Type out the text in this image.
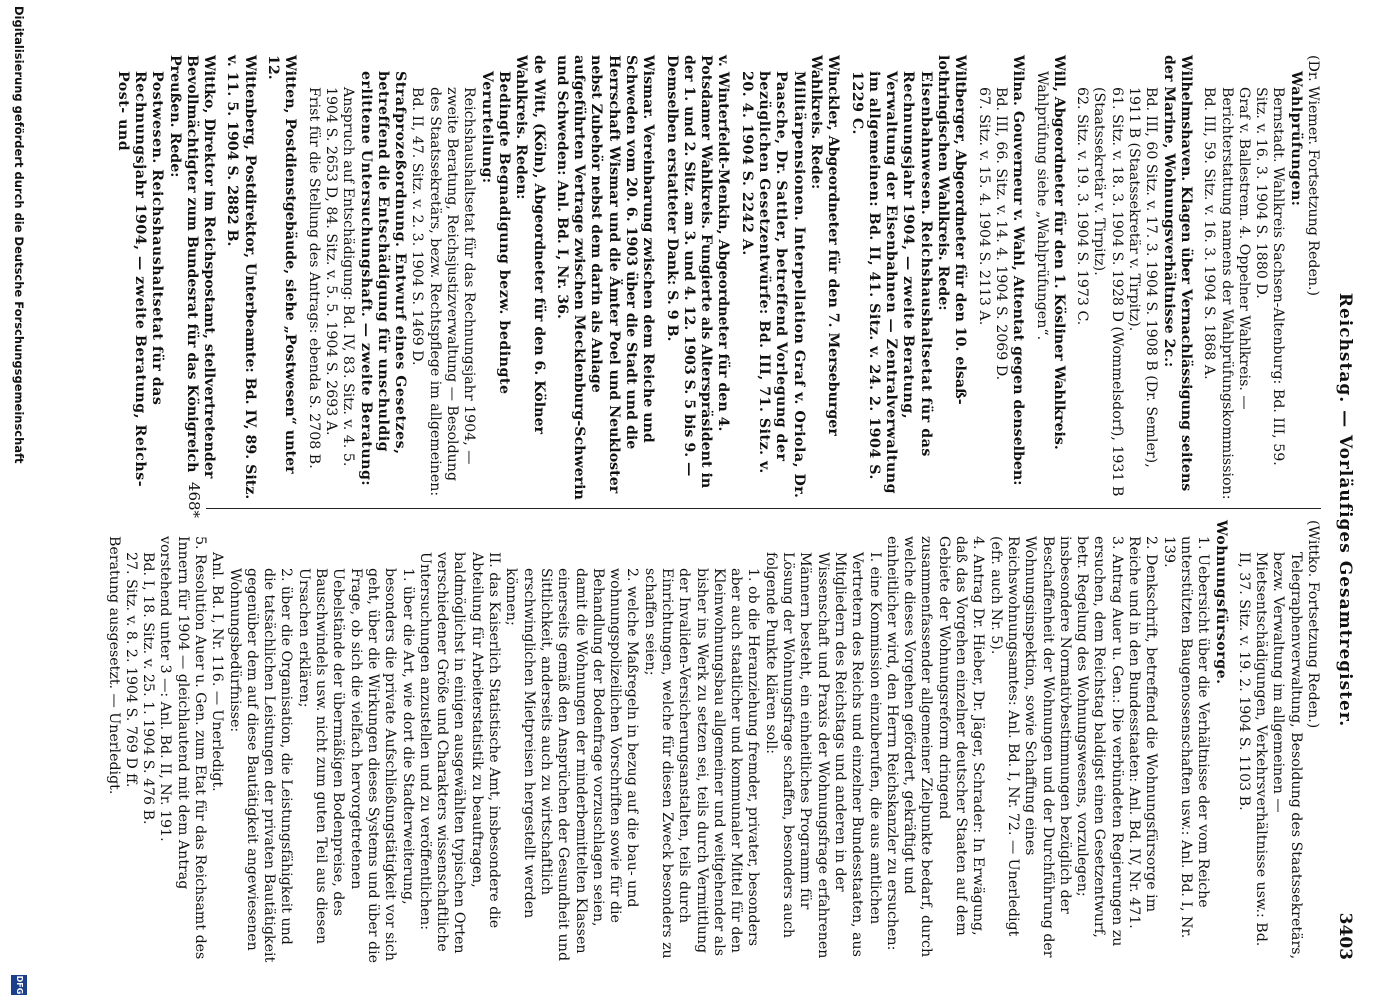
Reichstag. — Vorläufiges Gesamtregister.
3403
(Dr. Wiemer. Fortsetzung Reden.)
Wahlprüfungen:
Bernstadt. Wahlkreis Sachsen-Altenburg: Bd. III, 59. Sitz. v. 16. 3. 1904 S. 1880 D.
Graf v. Ballestrem. 4. Oppelner Wahlkreis. — Berichterstattung namens der Wahlprüfungskommission: Bd. III, 59. Sitz. v. 16. 3. 1904 S. 1868 A.
Wilhelmshaven. Klagen über Vernachlässigung seitens der Marine, Wohnungsverhältnisse 2c.:
Bd. III, 60 Sitz. v. 17. 3. 1904 S. 1908 B (Dr. Semler), 1911 B (Staatssekretär v. Tirpitz).
61. Sitz. v. 18. 3. 1904 S. 1928 D (Wommelsdorf), 1931 B (Staatssekretär v. Tirpitz).
62. Sitz. v. 19. 3. 1904 S. 1973 C.
Will, Abgeordneter für den 1. Kösliner Wahlkreis.
Wahlprüfung siehe „Wahlprüfungen“.
Wilna. Gouverneur v. Wahl, Attentat gegen denselben:
Bd. III, 66. Sitz. v. 14. 4. 1904 S. 2069 D.
67. Sitz. v. 15. 4. 1904 S. 2113 A.
Wiltberger, Abgeordneter für den 10. elsaß-lothringischen Wahlkreis. Rede:
Eisenbahnwesen. Reichshaushaltsetat für das Rechnungsjahr 1904, — zweite Beratung, Verwaltung der Eisenbahnen — Zentralverwaltung im allgemeinen: Bd. II, 41. Sitz. v. 24. 2. 1904 S. 1229 C.
Winckler, Abgeordneter für den 7. Merseburger Wahlkreis. Rede:
Militärpensionen. Interpellation Graf v. Oriola, Dr. Paasche, Dr. Sattler, betreffend Vorlegung der bezüglichen Gesetzentwürfe: Bd. III, 71. Sitz. v. 20. 4. 1904 S. 2242 A.
v. Winterfeldt-Menkin, Abgeordneter für den 4. Potsdamer Wahlkreis. Fungierte als Alterspräsident in der 1. und 2. Sitz. am 3. und 4. 12. 1903 S. 5 bis 9. — Demselben erstatteter Dank: S. 9 B.
Wismar. Vereinbarung zwischen dem Reiche und Schweden vom 20. 6. 1903 über die Stadt und die Herrschaft Wismar und die Ämter Poel und Neukloster nebst Zubehör nebst dem darin als Anlage aufgeführten Vertrage zwischen Mecklenburg-Schwerin und Schweden: Anl. Bd. I, Nr. 36.
de Witt, (Köln), Abgeordneter für den 6. Kölner Wahlkreis. Reden:
Bedingte Begnadigung bezw. bedingte Verurteilung:
Reichshaushaltsetat für das Rechnungsjahr 1904, — zweite Beratung, Reichsjustizverwaltung — Besoldung des Staatssekretärs, bezw. Rechtspflege im allgemeinen: Bd. II, 47. Sitz. v. 2. 3. 1904 S. 1469 D.
Strafprozeßordnung. Entwurf eines Gesetzes, betreffend die Entschädigung für unschuldig erlittene Untersuchungshaft. — zweite Beratung:
Anspruch auf Entschädigung: Bd. IV, 83. Sitz. v. 4. 5. 1904 S. 2653 D, 84. Sitz. v. 5. 5. 1904 S. 2693 A.
Frist für die Stellung des Antrags: ebenda S. 2708 B.
Witten, Postdienstgebäude, siehe „Postwesen“ unter 12.
Wittenberg, Postdirektor, Unterbeamte: Bd. IV, 89. Sitz. v. 11. 5. 1904 S. 2882 B.
Wittko, Direktor im Reichspostamt, stellvertretender Bevollmächtigter zum Bundesrat für das Königreich Preußen. Rede:
Postwesen. Reichshaushaltsetat für das Rechnungsjahr 1904, — zweite Beratung, Reichs-Post- und
(Wittko. Fortsetzung Reden.)
Telegraphenverwaltung, Besoldung des Staatssekretärs, bezw. Verwaltung im allgemeinen — Mietsentschädigungen, Verkehrsverhältnisse usw.: Bd. II, 37. Sitz. v. 19. 2. 1904 S. 1103 B.
Wohnungsfürsorge.
1. Uebersicht über die Verhältnisse der vom Reiche unterstützten Baugenossenschaften usw.: Anl. Bd. I, Nr. 139.
2. Denkschrift, betreffend die Wohnungsfürsorge im Reiche und in den Bundesstaaten: Anl. Bd. IV, Nr. 471.
3. Antrag Auer u. Gen.: Die verbündeten Regierungen zu ersuchen, dem Reichstag baldigst einen Gesetzentwurf, betr. Regelung des Wohnungswesens, vorzulegen; insbesondere Normativbestimmungen bezüglich der Beschaffenheit der Wohnungen und der Durchführung der Wohnungsinspektion, sowie Schaffung eines Reichswohnungsamtes: Anl. Bd. I, Nr. 72. — Unerledigt (efr. auch Nr. 5).
4. Antrag Dr. Hieber, Dr. Jäger, Schrader: In Erwägung, daß das Vorgehen einzelner deutscher Staaten auf dem Gebiete der Wohnungsreform dringend zusammenfassender allgemeiner Zielpunkte bedarf, durch welche dieses Vorgehen gefördert, gekräftigt und einheitlicher wird, den Herrn Reichskanzler zu ersuchen:
I. eine Kommission einzuberufen, die aus amtlichen Vertretern des Reichs und einzelner Bundesstaaten, aus Mitgliedern des Reichstags und anderen in der Wissenschaft und Praxis der Wohnungsfrage erfahrenen Männern besteht, ein einheitliches Programm für Lösung der Wohnungsfrage schaffen, besonders auch folgende Punkte klären soll:
1. ob die Heranziehung fremder, privater, besonders aber auch staatlicher und kommunaler Mittel für den Kleinwohnungsbau allgemeiner und weitgehender als bisher ins Werk zu setzen sei, teils durch Vermittlung der Invaliden-Versicherungsanstalten, teils durch Einrichtungen, welche für diesen Zweck besonders zu schaffen seien;
2. welche Maßregeln in bezug auf die bau- und wohnungspolizeilichen Vorschriften sowie für die Behandlung der Bodenfrage vorzuschlagen seien, damit die Wohnungen der minderbemittelten Klassen einerseits gemäß den Ansprüchen der Gesundheit und Sittlichkeit, anderseits auch zu wirtschaftlich erschwinglichen Mietpreisen hergestellt werden können;
II. das Kaiserlich Statistische Amt, insbesondere die Abteilung für Arbeiterstatistik zu beauftragen, baldmöglichst in einigen ausgewählten typischen Orten verschiedener Größe und Charakters wissenschaftliche Untersuchungen anzustellen und zu veröffentlichen:
1. über die Art, wie dort die Stadterweiterung, besonders die private Aufschließungstätigkeit vor sich geht, über die Wirkungen dieses Systems und über die Frage, ob sich die vielfach hervorgetretenen Uebelstände der übermäßigen Bodenpreise, des Bauschwindels usw. nicht zum guten Teil aus diesen Ursachen erklären;
2. über die Organisation, die Leistungsfähigkeit und die tatsächlichen Leistungen der privaten Bautätigkeit gegenüber dem auf diese Bautätigkeit angewiesenen Wohnungsbedürfnisse:
Anl. Bd. I, Nr. 116. — Unerledigt.
5. Resolution Auer u. Gen. zum Etat für das Reichsamt des Innern für 1904 — gleichlautend mit dem Antrag vorstehend unter 3 —: Anl. Bd. II, Nr. 191.
Bd. I, 18. Sitz. v. 25. 1. 1904 S. 476 B.
27. Sitz. v. 8. 2. 1904 S. 769 D ff.
Beratung ausgesetzt. — Unerledigt.
468*
Digitalisierung gefördert durch die Deutsche Forschungsgemeinschaft
DFG
